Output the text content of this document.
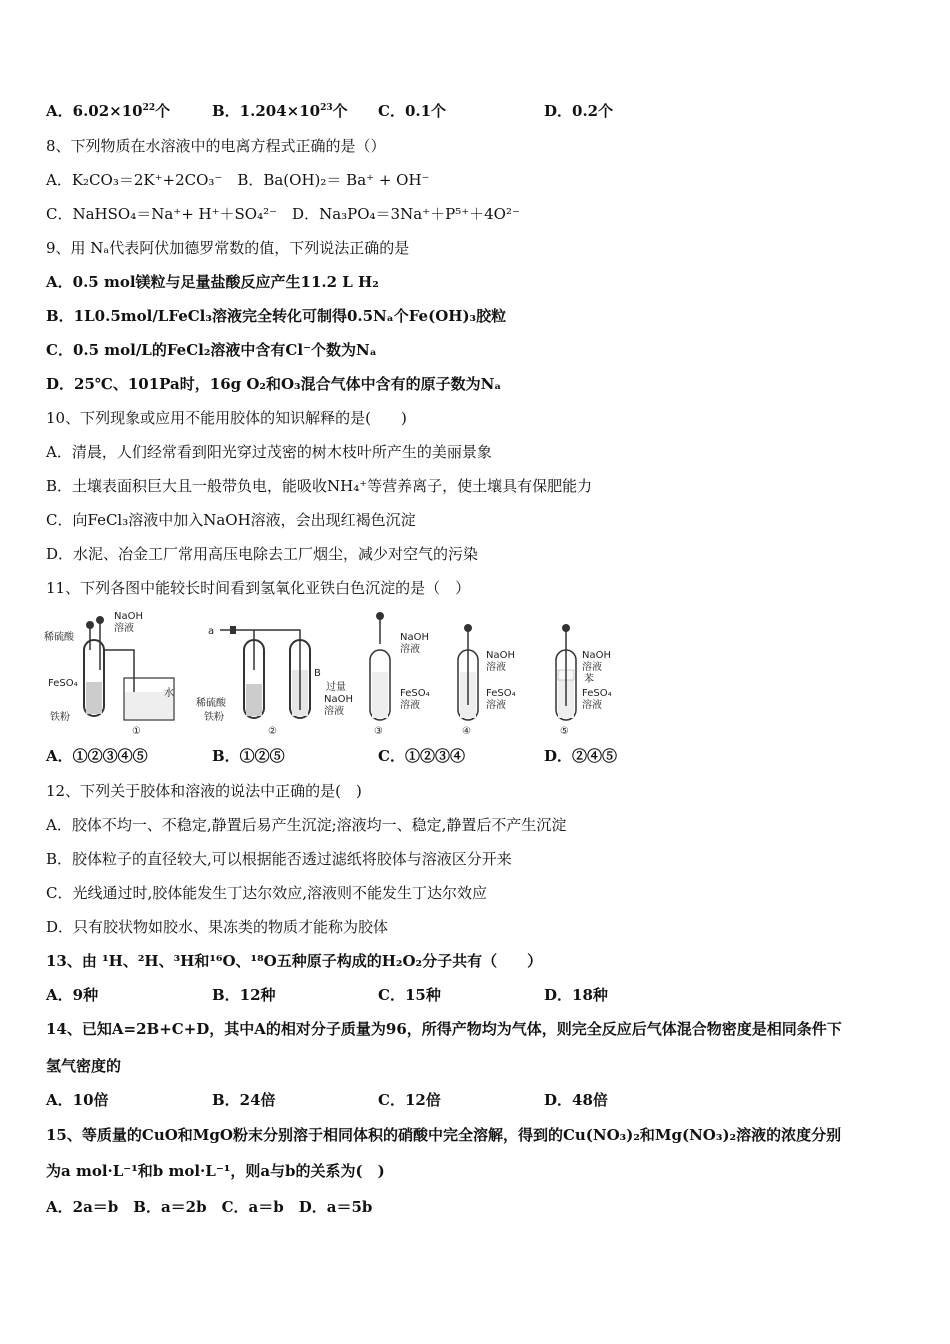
A．$6.02\times 10^{22}$个	B．$1.204\times 10^{23}$个	C．0.1个	D．0.2个
8、下列物质在水溶液中的电离方程式正确的是（）
A．K₂CO₃＝2K⁺+2CO₃⁻　B．Ba(OH)₂＝ Ba⁺ + OH⁻
C．NaHSO₄＝Na⁺+ H⁺＋SO₄²⁻　D．Na₃PO₄＝3Na⁺＋P⁵⁺＋4O²⁻
9、用 Nₐ代表阿伏加德罗常数的值，下列说法正确的是
A．0.5 mol镁粒与足量盐酸反应产生11.2 L H₂
B．1L0.5mol/LFeCl₃溶液完全转化可制得0.5Nₐ个Fe(OH)₃胶粒
C．0.5 mol/L的FeCl₂溶液中含有Cl⁻个数为Nₐ
D．25℃、101Pa时，16g O₂和O₃混合气体中含有的原子数为Nₐ
10、下列现象或应用不能用胶体的知识解释的是(　　)
A．清晨，人们经常看到阳光穿过茂密的树木枝叶所产生的美丽景象
B．土壤表面积巨大且一般带负电，能吸收NH₄⁺等营养离子，使土壤具有保肥能力
C．向FeCl₃溶液中加入NaOH溶液，会出现红褐色沉淀
D．水泥、冶金工厂常用高压电除去工厂烟尘，减少对空气的污染
11、下列各图中能较长时间看到氢氧化亚铁白色沉淀的是（　）
NaOH
溶液
稀硫酸
FeSO₄
铁粉
水
①
a
B
稀硫酸
铁粉
过量
NaOH
溶液
②
NaOH
溶液
FeSO₄
溶液
③
NaOH
溶液
FeSO₄
溶液
④
NaOH
溶液
苯
FeSO₄
溶液
⑤
A．①②③④⑤	B．①②⑤	C．①②③④	D．②④⑤
12、下列关于胶体和溶液的说法中正确的是(　)
A．胶体不均一、不稳定,静置后易产生沉淀;溶液均一、稳定,静置后不产生沉淀
B．胶体粒子的直径较大,可以根据能否透过滤纸将胶体与溶液区分开来
C．光线通过时,胶体能发生丁达尔效应,溶液则不能发生丁达尔效应
D．只有胶状物如胶水、果冻类的物质才能称为胶体
13、由 ¹H、²H、³H和¹⁶O、¹⁸O五种原子构成的H₂O₂分子共有（　　）
A．9种	B．12种	C．15种	D．18种
14、已知A=2B+C+D，其中A的相对分子质量为96，所得产物均为气体，则完全反应后气体混合物密度是相同条件下
氢气密度的
A．10倍	B．24倍	C．12倍	D．48倍
15、等质量的CuO和MgO粉末分别溶于相同体积的硝酸中完全溶解，得到的Cu(NO₃)₂和Mg(NO₃)₂溶液的浓度分别
为a mol·L⁻¹和b mol·L⁻¹，则a与b的关系为(　)
A．2a＝b　B．a＝2b　C．a＝b　D．a＝5b
